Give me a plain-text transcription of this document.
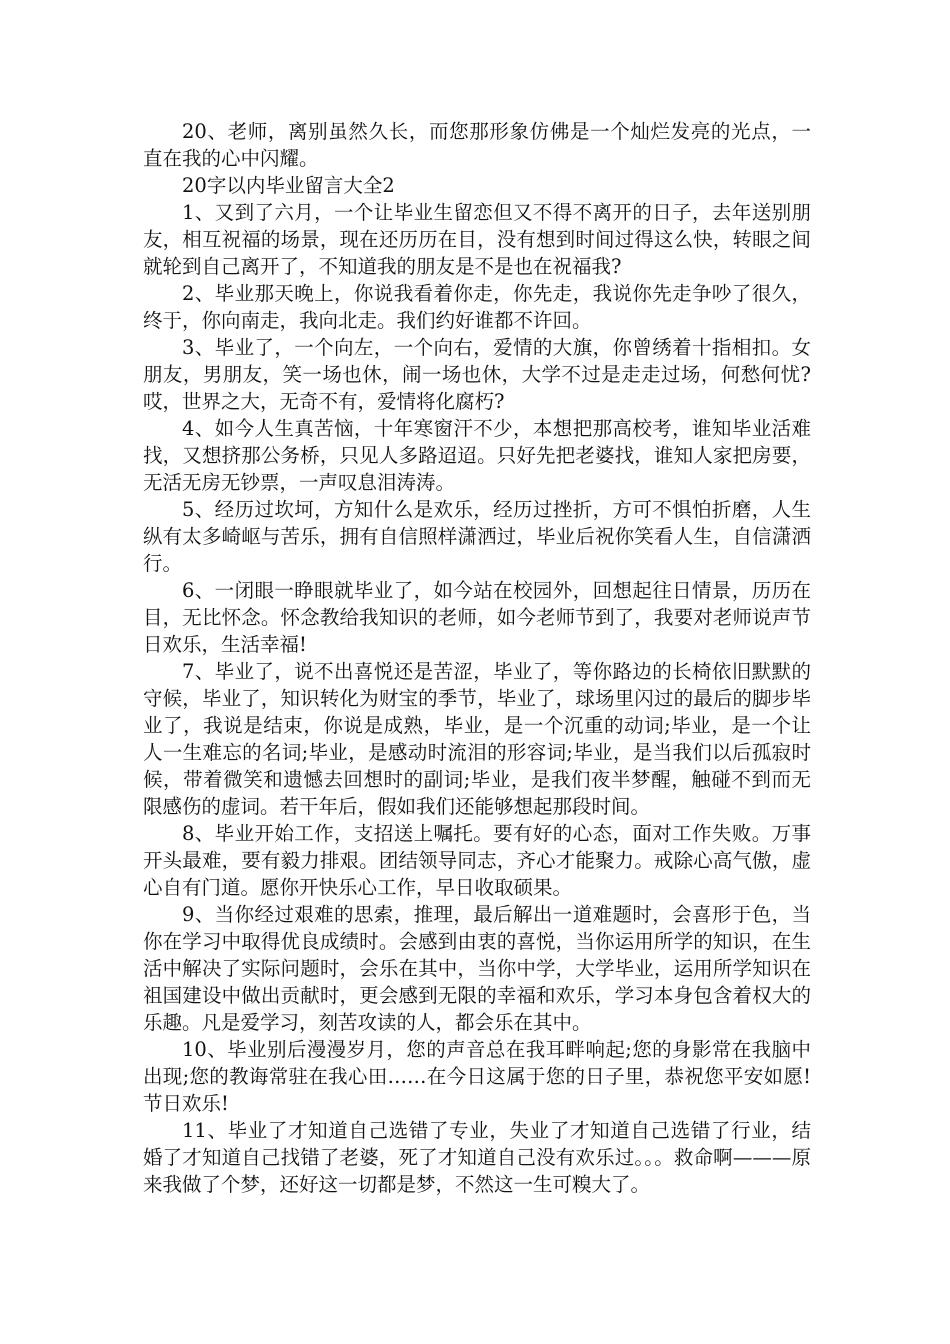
20、老师，离别虽然久长，而您那形象仿佛是一个灿烂发亮的光点，一直在我的心中闪耀。

20字以内毕业留言大全2

1、又到了六月，一个让毕业生留恋但又不得不离开的日子，去年送别朋友，相互祝福的场景，现在还历历在目，没有想到时间过得这么快，转眼之间就轮到自己离开了，不知道我的朋友是不是也在祝福我?

2、毕业那天晚上，你说我看着你走，你先走，我说你先走争吵了很久，终于，你向南走，我向北走。我们约好谁都不许回。

3、毕业了，一个向左，一个向右，爱情的大旗，你曾绣着十指相扣。女朋友，男朋友，笑一场也休，闹一场也休，大学不过是走走过场，何愁何忧?哎，世界之大，无奇不有，爱情将化腐朽?

4、如今人生真苦恼，十年寒窗汗不少，本想把那高校考，谁知毕业活难找，又想挤那公务桥，只见人多路迢迢。只好先把老婆找，谁知人家把房要，无活无房无钞票，一声叹息泪涛涛。

5、经历过坎坷，方知什么是欢乐，经历过挫折，方可不惧怕折磨，人生纵有太多崎岖与苦乐，拥有自信照样潇洒过，毕业后祝你笑看人生，自信潇洒行。

6、一闭眼一睁眼就毕业了，如今站在校园外，回想起往日情景，历历在目，无比怀念。怀念教给我知识的老师，如今老师节到了，我要对老师说声节日欢乐，生活幸福!

7、毕业了，说不出喜悦还是苦涩，毕业了，等你路边的长椅依旧默默的守候，毕业了，知识转化为财宝的季节，毕业了，球场里闪过的最后的脚步毕业了，我说是结束，你说是成熟，毕业，是一个沉重的动词;毕业，是一个让人一生难忘的名词;毕业，是感动时流泪的形容词;毕业，是当我们以后孤寂时候，带着微笑和遗憾去回想时的副词;毕业，是我们夜半梦醒，触碰不到而无限感伤的虚词。若干年后，假如我们还能够想起那段时间。

8、毕业开始工作，支招送上嘱托。要有好的心态，面对工作失败。万事开头最难，要有毅力排艰。团结领导同志，齐心才能聚力。戒除心高气傲，虚心自有门道。愿你开快乐心工作，早日收取硕果。

9、当你经过艰难的思索，推理，最后解出一道难题时，会喜形于色，当你在学习中取得优良成绩时。会感到由衷的喜悦，当你运用所学的知识，在生活中解决了实际问题时，会乐在其中，当你中学，大学毕业，运用所学知识在祖国建设中做出贡献时，更会感到无限的幸福和欢乐，学习本身包含着权大的乐趣。凡是爱学习，刻苦攻读的人，都会乐在其中。

10、毕业别后漫漫岁月，您的声音总在我耳畔响起;您的身影常在我脑中出现;您的教诲常驻在我心田……在今日这属于您的日子里，恭祝您平安如愿!节日欢乐!

11、毕业了才知道自己选错了专业，失业了才知道自己选错了行业，结婚了才知道自己找错了老婆，死了才知道自己没有欢乐过。。。救命啊———原来我做了个梦，还好这一切都是梦，不然这一生可糗大了。
